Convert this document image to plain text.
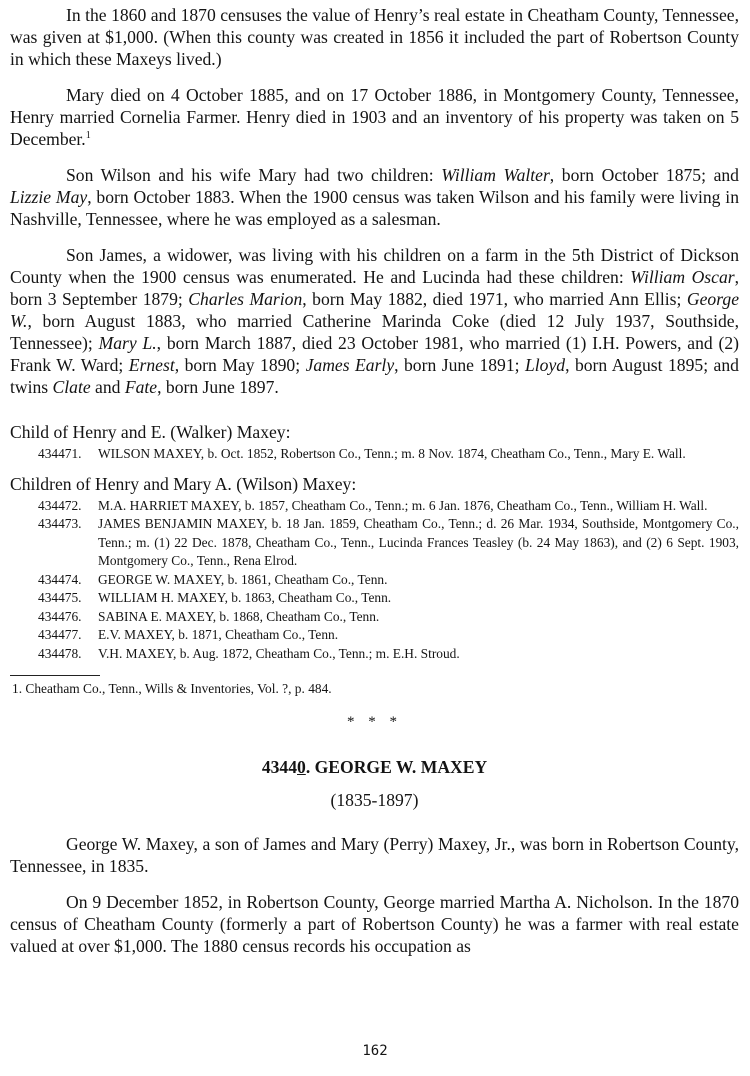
In the 1860 and 1870 censuses the value of Henry’s real estate in Cheatham County, Tennessee, was given at $1,000. (When this county was created in 1856 it included the part of Robertson County in which these Maxeys lived.)

Mary died on 4 October 1885, and on 17 October 1886, in Montgomery County, Tennessee, Henry married Cornelia Farmer. Henry died in 1903 and an inventory of his property was taken on 5 December.$^1$

Son Wilson and his wife Mary had two children: William Walter, born October 1875; and Lizzie May, born October 1883. When the 1900 census was taken Wilson and his family were living in Nashville, Tennessee, where he was employed as a salesman.

Son James, a widower, was living with his children on a farm in the 5th District of Dickson County when the 1900 census was enumerated. He and Lucinda had these children: William Oscar, born 3 September 1879; Charles Marion, born May 1882, died 1971, who married Ann Ellis; George W., born August 1883, who married Catherine Marinda Coke (died 12 July 1937, Southside, Tennessee); Mary L., born March 1887, died 23 October 1981, who married (1) I.H. Powers, and (2) Frank W. Ward; Ernest, born May 1890; James Early, born June 1891; Lloyd, born August 1895; and twins Clate and Fate, born June 1897.

Child of Henry and E. (Walker) Maxey:

434471.	WILSON MAXEY, b. Oct. 1852, Robertson Co., Tenn.; m. 8 Nov. 1874, Cheatham Co., Tenn., Mary E. Wall.

Children of Henry and Mary A. (Wilson) Maxey:

434472.	M.A. HARRIET MAXEY, b. 1857, Cheatham Co., Tenn.; m. 6 Jan. 1876, Cheatham Co., Tenn., William H. Wall.
434473.	JAMES BENJAMIN MAXEY, b. 18 Jan. 1859, Cheatham Co., Tenn.; d. 26 Mar. 1934, Southside, Montgomery Co., Tenn.; m. (1) 22 Dec. 1878, Cheatham Co., Tenn., Lucinda Frances Teasley (b. 24 May 1863), and (2) 6 Sept. 1903, Montgomery Co., Tenn., Rena Elrod.
434474.	GEORGE W. MAXEY, b. 1861, Cheatham Co., Tenn.
434475.	WILLIAM H. MAXEY, b. 1863, Cheatham Co., Tenn.
434476.	SABINA E. MAXEY, b. 1868, Cheatham Co., Tenn.
434477.	E.V. MAXEY, b. 1871, Cheatham Co., Tenn.
434478.	V.H. MAXEY, b. Aug. 1872, Cheatham Co., Tenn.; m. E.H. Stroud.

1. Cheatham Co., Tenn., Wills & Inventories, Vol. ?, p. 484.

* * *
43440. GEORGE W. MAXEY
(1835-1897)

George W. Maxey, a son of James and Mary (Perry) Maxey, Jr., was born in Robertson County, Tennessee, in 1835.

On 9 December 1852, in Robertson County, George married Martha A. Nicholson. In the 1870 census of Cheatham County (formerly a part of Robertson County) he was a farmer with real estate valued at over $1,000. The 1880 census records his occupation as

162
